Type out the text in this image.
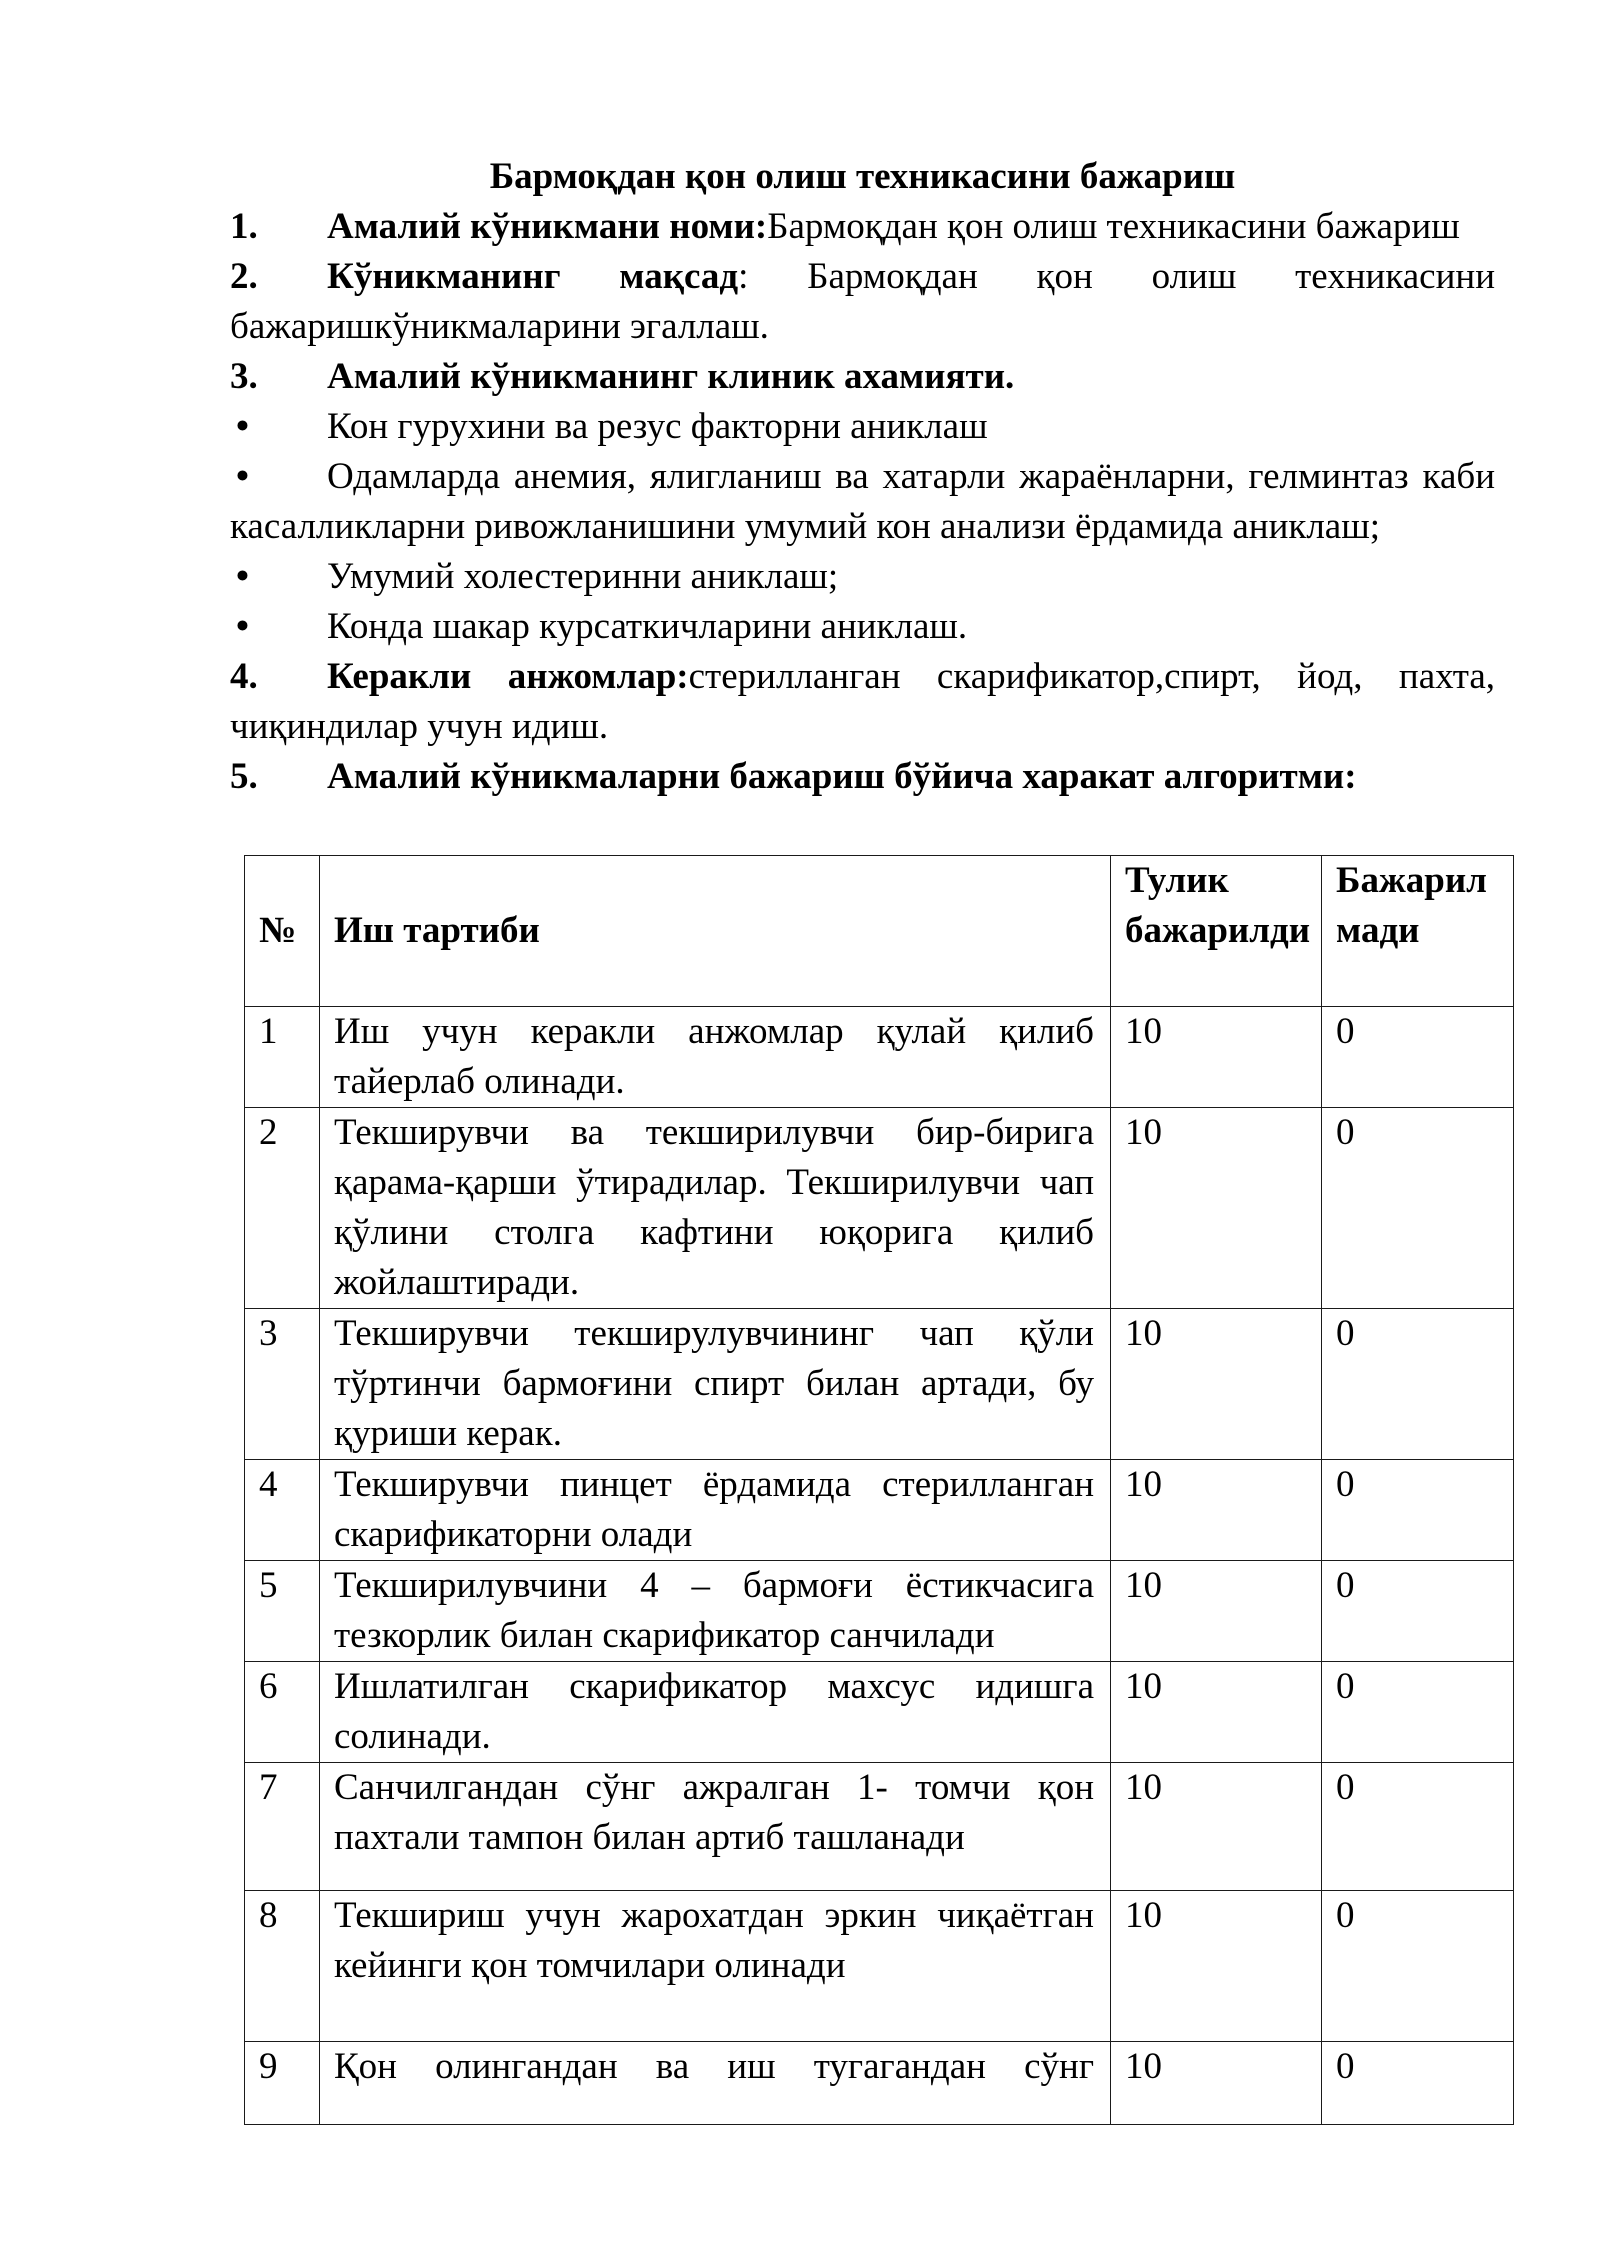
Бармоқдан қон олиш техникасини бажариш

1. Амалий кўникмани номи:Бармоқдан қон олиш техникасини бажариш

2. Кўникманинг мақсад: Бармоқдан қон олиш техникасини бажаришкўникмаларини эгаллаш.

3. Амалий кўникманинг клиник ахамияти.

• Кон гурухини ва резус факторни аниклаш

• Одамларда анемия, ялигланиш ва хатарли жараёнларни, гелминтаз каби касалликларни ривожланишини умумий кон анализи ёрдамида аниклаш;

• Умумий холестеринни аниклаш;

• Конда шакар курсаткичларини аниклаш.

4. Керакли анжомлар:стерилланган скарификатор,спирт, йод, пахта, чиқиндилар учун идиш.

5. Амалий кўникмаларни бажариш бўйича харакат алгоритми:

№	Иш тартиби	Тулик бажарилди	Бажарилмади
1	Иш учун керакли анжомлар қулай қилиб тайерлаб олинади.	10	0
2	Текширувчи ва текширилувчи бир-бирига қарама-қарши ўтирадилар. Текширилувчи чап қўлини столга кафтини юқорига қилиб жойлаштиради.	10	0
3	Текширувчи текширулувчининг чап қўли тўртинчи бармоғини спирт билан артади, бу қуриши керак.	10	0
4	Текширувчи пинцет ёрдамида стерилланган скарификаторни олади	10	0
5	Текширилувчини 4 – бармоғи ёстикчасига тезкорлик билан скарификатор санчилади	10	0
6	Ишлатилган скарификатор махсус идишга солинади.	10	0
7	Санчилгандан сўнг ажралган 1- томчи қон пахтали тампон билан артиб ташланади	10	0
8	Текшириш учун жарохатдан эркин чиқаётган кейинги қон томчилари олинади	10	0
9	Қон олингандан ва иш тугагандан сўнг	10	0
